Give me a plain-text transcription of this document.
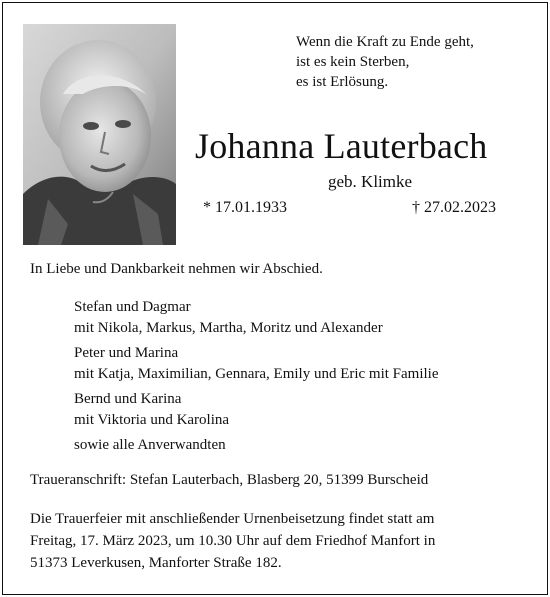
Wenn die Kraft zu Ende geht,
ist es kein Sterben,
es ist Erlösung.
Johanna Lauterbach
geb. Klimke
* 17.01.1933	† 27.02.2023
In Liebe und Dankbarkeit nehmen wir Abschied.
Stefan und Dagmar
mit Nikola, Markus, Martha, Moritz und Alexander
Peter und Marina
mit Katja, Maximilian, Gennara, Emily und Eric mit Familie
Bernd und Karina
mit Viktoria und Karolina
sowie alle Anverwandten
Traueranschrift: Stefan Lauterbach, Blasberg 20, 51399 Burscheid
Die Trauerfeier mit anschließender Urnenbeisetzung findet statt am
Freitag, 17. März 2023, um 10.30 Uhr auf dem Friedhof Manfort in
51373 Leverkusen, Manforter Straße 182.
